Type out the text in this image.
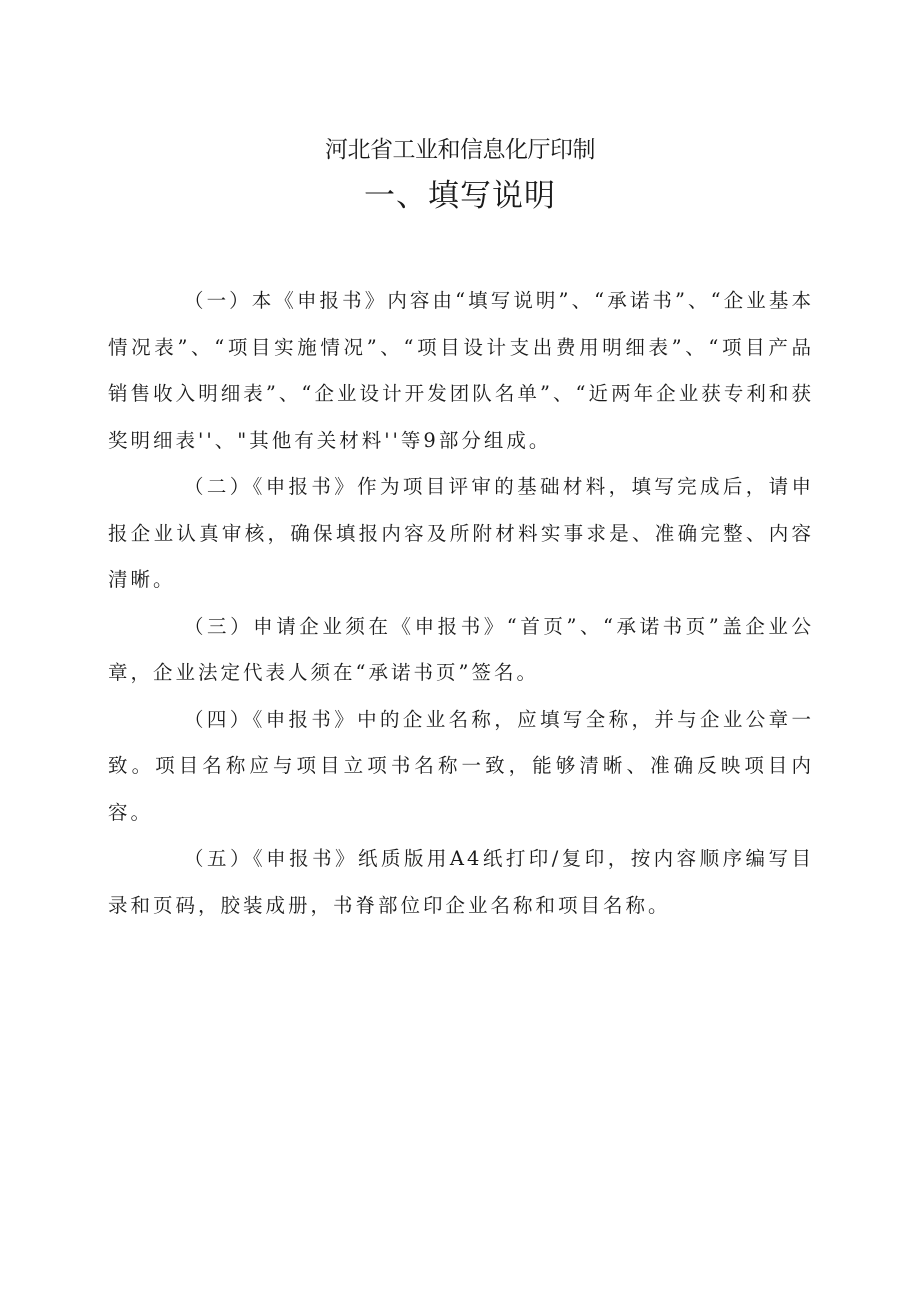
河北省工业和信息化厅印制
一、填写说明

（一）本《申报书》内容由“填写说明”、“承诺书”、“企业基本情况表”、“项目实施情况”、“项目设计支出费用明细表”、“项目产品销售收入明细表”、“企业设计开发团队名单”、“近两年企业获专利和获奖明细表''、"其他有关材料''等9部分组成。

（二）《申报书》作为项目评审的基础材料，填写完成后，请申报企业认真审核，确保填报内容及所附材料实事求是、准确完整、内容清晰。

（三）申请企业须在《申报书》“首页”、“承诺书页”盖企业公章，企业法定代表人须在“承诺书页”签名。

（四）《申报书》中的企业名称，应填写全称，并与企业公章一致。项目名称应与项目立项书名称一致，能够清晰、准确反映项目内容。

（五）《申报书》纸质版用A4纸打印/复印，按内容顺序编写目录和页码，胶装成册，书脊部位印企业名称和项目名称。
